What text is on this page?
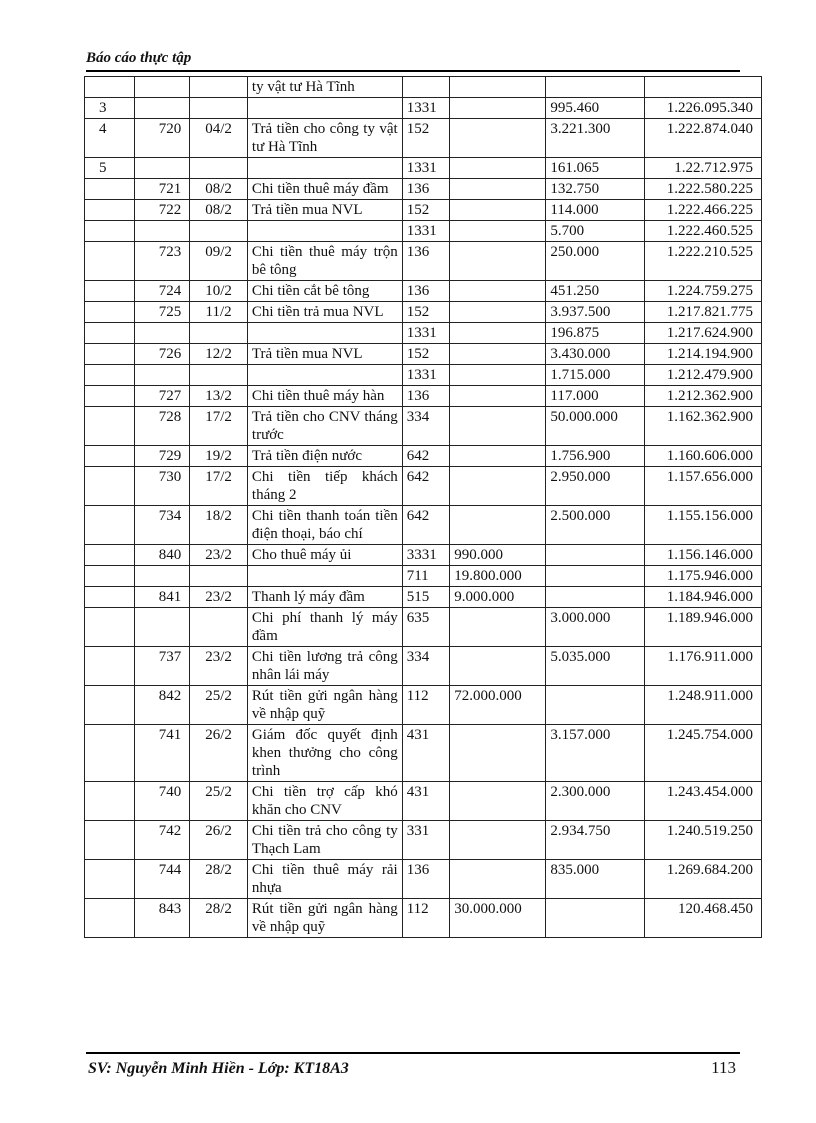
Báo cáo thực tập
			ty vật tư Hà Tĩnh				
3				1331		995.460	1.226.095.340
4	720	04/2	Trả tiền cho công ty vật tư Hà Tĩnh	152		3.221.300	1.222.874.040
5				1331		161.065	1.22.712.975
	721	08/2	Chi tiền thuê máy đầm	136		132.750	1.222.580.225
	722	08/2	Trả tiền mua NVL	152		114.000	1.222.466.225
				1331		5.700	1.222.460.525
	723	09/2	Chi tiền thuê máy trộn bê tông	136		250.000	1.222.210.525
	724	10/2	Chi tiền cắt bê tông	136		451.250	1.224.759.275
	725	11/2	Chi tiền trả mua NVL	152		3.937.500	1.217.821.775
				1331		196.875	1.217.624.900
	726	12/2	Trả tiền mua NVL	152		3.430.000	1.214.194.900
				1331		1.715.000	1.212.479.900
	727	13/2	Chi tiền thuê máy hàn	136		117.000	1.212.362.900
	728	17/2	Trả tiền cho CNV tháng trước	334		50.000.000	1.162.362.900
	729	19/2	Trả tiền điện nước	642		1.756.900	1.160.606.000
	730	17/2	Chi tiền tiếp khách tháng 2	642		2.950.000	1.157.656.000
	734	18/2	Chi tiền thanh toán tiền điện thoại, báo chí	642		2.500.000	1.155.156.000
	840	23/2	Cho thuê máy ủi	3331	990.000		1.156.146.000
				711	19.800.000		1.175.946.000
	841	23/2	Thanh lý máy đầm	515	9.000.000		1.184.946.000
			Chi phí thanh lý máy đầm	635		3.000.000	1.189.946.000
	737	23/2	Chi tiền lương trả công nhân lái máy	334		5.035.000	1.176.911.000
	842	25/2	Rút tiền gửi ngân hàng về nhập quỹ	112	72.000.000		1.248.911.000
	741	26/2	Giám đốc quyết định khen thưởng cho công trình	431		3.157.000	1.245.754.000
	740	25/2	Chi tiền trợ cấp khó khăn cho CNV	431		2.300.000	1.243.454.000
	742	26/2	Chi tiền trả cho công ty Thạch Lam	331		2.934.750	1.240.519.250
	744	28/2	Chi tiền thuê máy rải nhựa	136		835.000	1.269.684.200
	843	28/2	Rút tiền gửi ngân hàng về nhập quỹ	112	30.000.000		120.468.450
SV: Nguyễn Minh Hiền - Lớp: KT18A3	113
